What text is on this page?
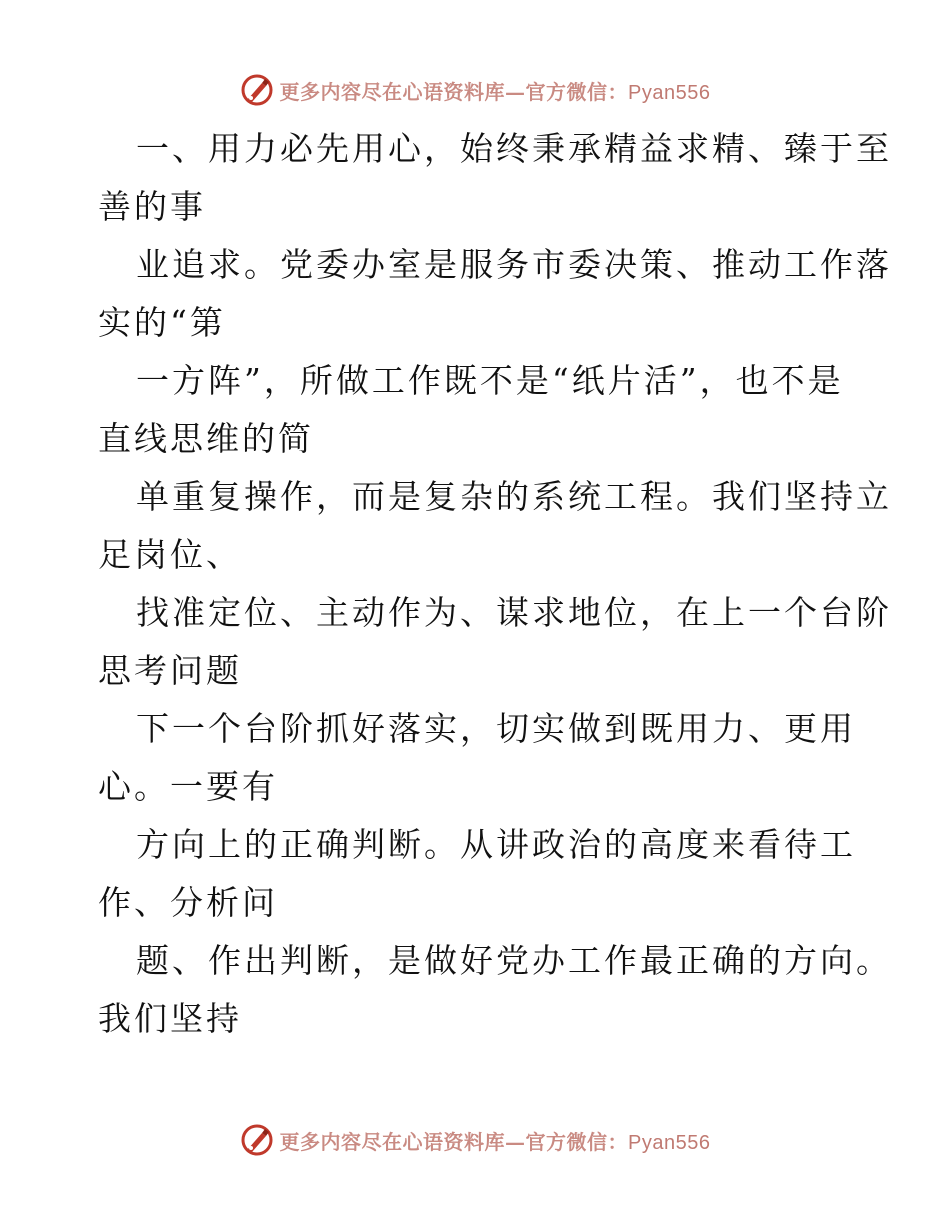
更多内容尽在心语资料库—官方微信：Pyan556

一、用力必先用心，始终秉承精益求精、臻于至
善的事

业追求。党委办室是服务市委决策、推动工作落
实的“第

一方阵”，所做工作既不是“纸片活”，也不是
直线思维的简

单重复操作，而是复杂的系统工程。我们坚持立
足岗位、

找准定位、主动作为、谋求地位，在上一个台阶
思考问题

下一个台阶抓好落实，切实做到既用力、更用
心。一要有

方向上的正确判断。从讲政治的高度来看待工
作、分析问

题、作出判断，是做好党办工作最正确的方向。
我们坚持

更多内容尽在心语资料库—官方微信：Pyan556
